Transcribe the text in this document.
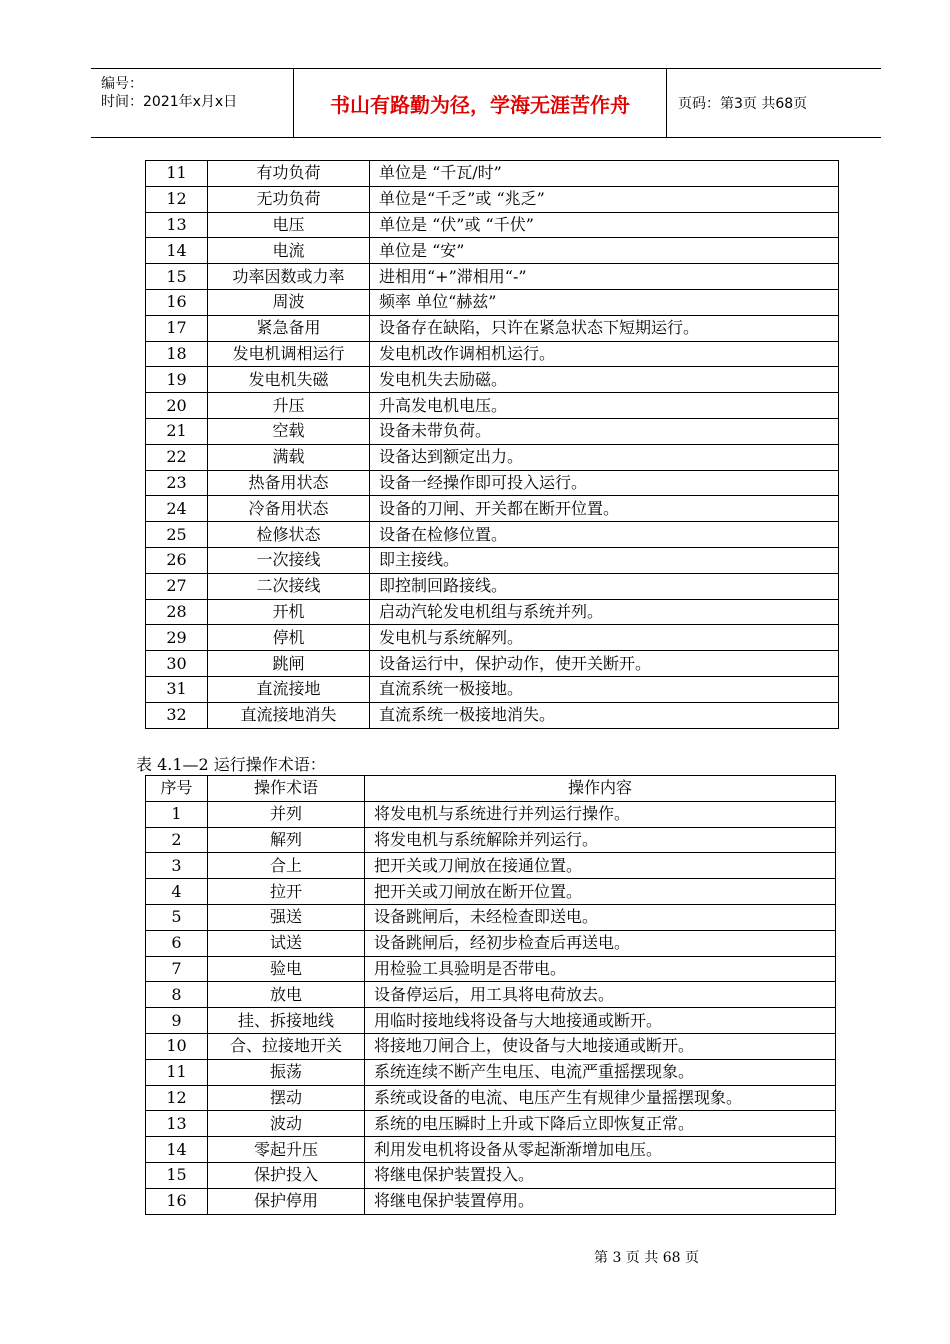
编号：
时间：2021年x月x日	书山有路勤为径，学海无涯苦作舟	页码：第3页 共68页
11	有功负荷	单位是 “千瓦/时”
12	无功负荷	单位是“千乏”或 “兆乏”
13	电压	单位是 “伏”或 “千伏”
14	电流	单位是 “安”
15	功率因数或力率	进相用“+”滞相用“-”
16	周波	频率 单位“赫兹”
17	紧急备用	设备存在缺陷，只许在紧急状态下短期运行。
18	发电机调相运行	发电机改作调相机运行。
19	发电机失磁	发电机失去励磁。
20	升压	升高发电机电压。
21	空载	设备未带负荷。
22	满载	设备达到额定出力。
23	热备用状态	设备一经操作即可投入运行。
24	冷备用状态	设备的刀闸、开关都在断开位置。
25	检修状态	设备在检修位置。
26	一次接线	即主接线。
27	二次接线	即控制回路接线。
28	开机	启动汽轮发电机组与系统并列。
29	停机	发电机与系统解列。
30	跳闸	设备运行中，保护动作，使开关断开。
31	直流接地	直流系统一极接地。
32	直流接地消失	直流系统一极接地消失。
表 4.1—2 运行操作术语：
序号	操作术语	操作内容
1	并列	将发电机与系统进行并列运行操作。
2	解列	将发电机与系统解除并列运行。
3	合上	把开关或刀闸放在接通位置。
4	拉开	把开关或刀闸放在断开位置。
5	强送	设备跳闸后，未经检查即送电。
6	试送	设备跳闸后，经初步检查后再送电。
7	验电	用检验工具验明是否带电。
8	放电	设备停运后，用工具将电荷放去。
9	挂、拆接地线	用临时接地线将设备与大地接通或断开。
10	合、拉接地开关	将接地刀闸合上，使设备与大地接通或断开。
11	振荡	系统连续不断产生电压、电流严重摇摆现象。
12	摆动	系统或设备的电流、电压产生有规律少量摇摆现象。
13	波动	系统的电压瞬时上升或下降后立即恢复正常。
14	零起升压	利用发电机将设备从零起渐渐增加电压。
15	保护投入	将继电保护装置投入。
16	保护停用	将继电保护装置停用。
第 3 页 共 68 页
